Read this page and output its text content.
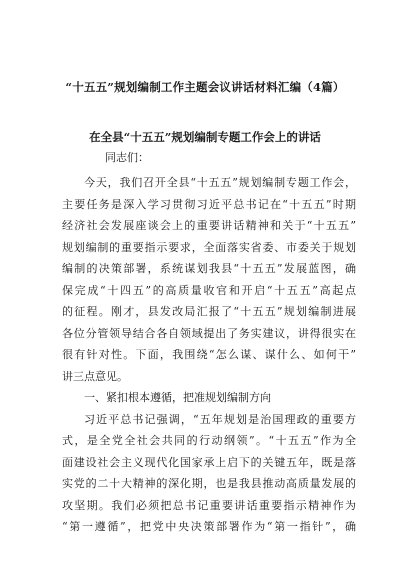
“十五五”规划编制工作主题会议讲话材料汇编（4篇）
在全县“十五五”规划编制专题工作会上的讲话
同志们：
今天，我们召开全县“十五五”规划编制专题工作会，
主要任务是深入学习贯彻习近平总书记在“十五五”时期
经济社会发展座谈会上的重要讲话精神和关于“十五五”
规划编制的重要指示要求，全面落实省委、市委关于规划
编制的决策部署，系统谋划我县“十五五”发展蓝图，确
保完成“十四五”的高质量收官和开启“十五五”高起点
的征程。刚才，县发改局汇报了“十五五”规划编制进展
各位分管领导结合各自领域提出了务实建议，讲得很实在
很有针对性。下面，我围绕“怎么谋、谋什么、如何干”
讲三点意见。
一、紧扣根本遵循，把准规划编制方向
习近平总书记强调，“五年规划是治国理政的重要方
式，是全党全社会共同的行动纲领”。“十五五”作为全
面建设社会主义现代化国家承上启下的关键五年，既是落
实党的二十大精神的深化期，也是我县推动高质量发展的
攻坚期。我们必须把总书记重要讲话重要指示精神作为
“第一遵循”，把党中央决策部署作为“第一指针”，确
